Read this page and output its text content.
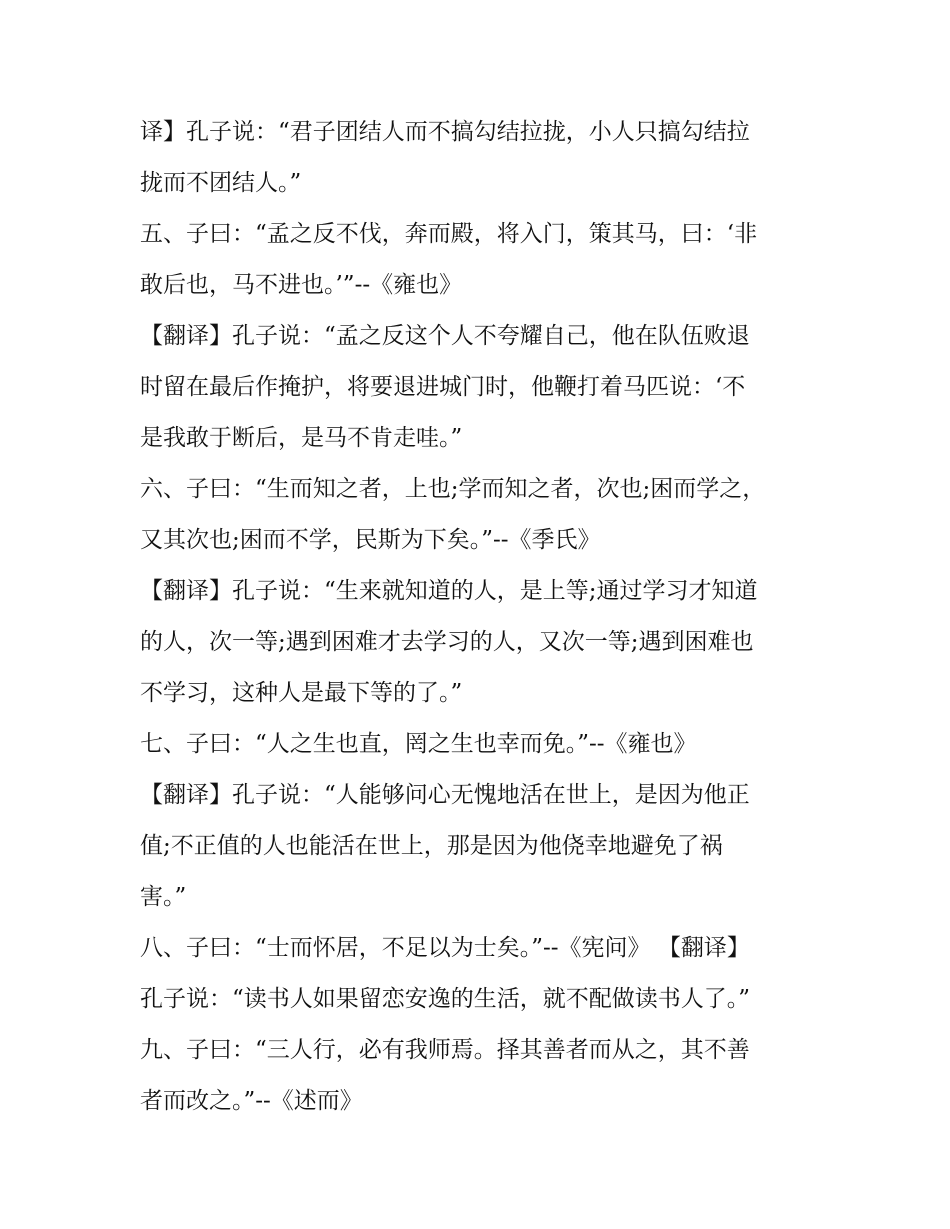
译】孔子说：“君子团结人而不搞勾结拉拢，小人只搞勾结拉
拢而不团结人。”
五、子曰：“孟之反不伐，奔而殿，将入门，策其马，曰：‘非
敢后也，马不进也。’”--《雍也》
【翻译】孔子说：“孟之反这个人不夸耀自己，他在队伍败退
时留在最后作掩护，将要退进城门时，他鞭打着马匹说：‘不
是我敢于断后，是马不肯走哇。”
六、子曰：“生而知之者，上也;学而知之者，次也;困而学之，
又其次也;困而不学，民斯为下矣。”--《季氏》
【翻译】孔子说：“生来就知道的人，是上等;通过学习才知道
的人，次一等;遇到困难才去学习的人，又次一等;遇到困难也
不学习，这种人是最下等的了。”
七、子曰：“人之生也直，罔之生也幸而免。”--《雍也》
【翻译】孔子说：“人能够问心无愧地活在世上，是因为他正
值;不正值的人也能活在世上，那是因为他侥幸地避免了祸
害。”
八、子曰：“士而怀居，不足以为士矣。”--《宪问》 【翻译】
孔子说：“读书人如果留恋安逸的生活，就不配做读书人了。”
九、子曰：“三人行，必有我师焉。择其善者而从之，其不善
者而改之。”--《述而》
